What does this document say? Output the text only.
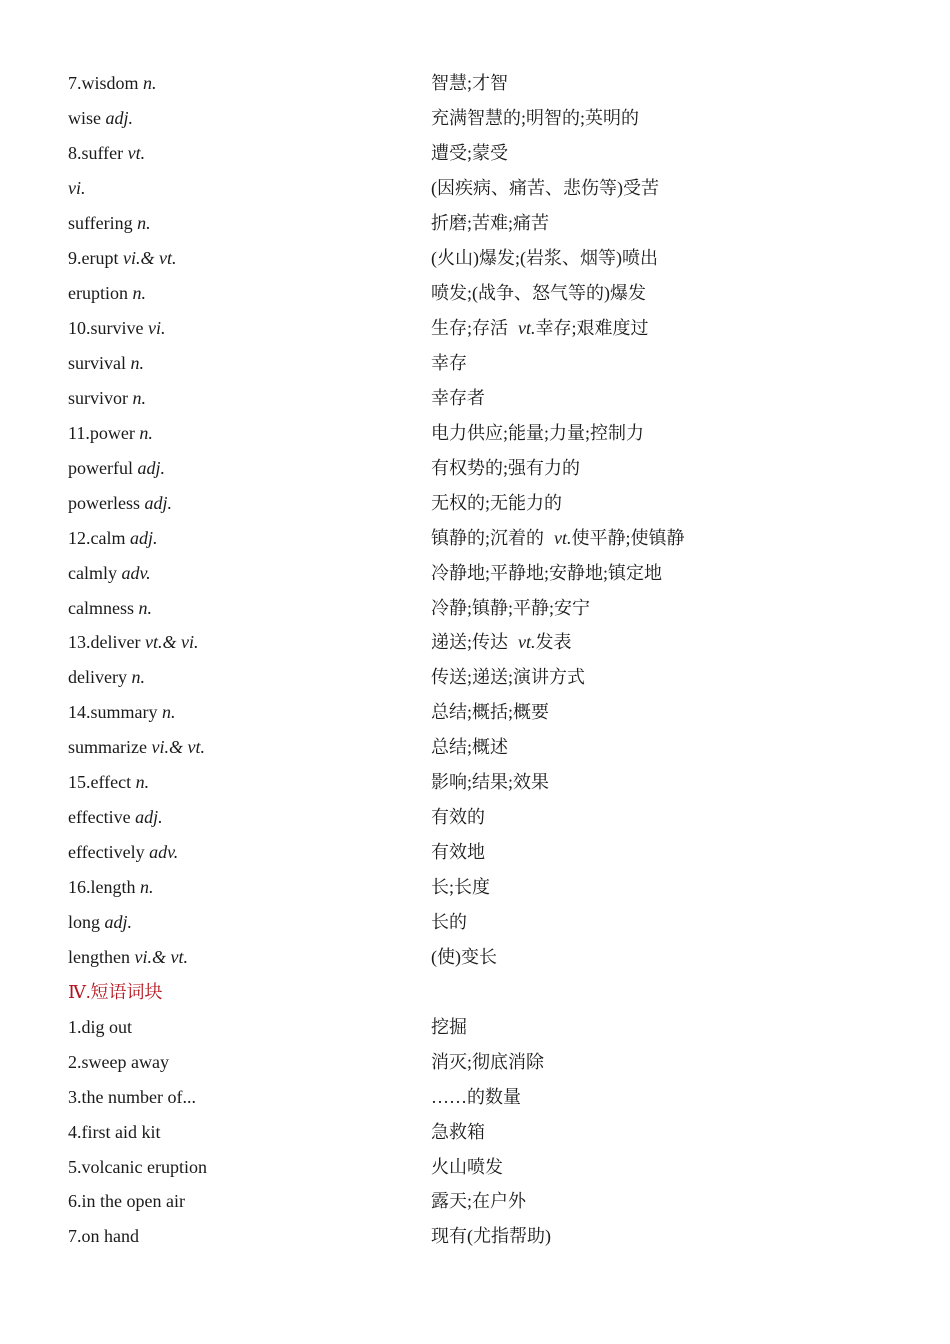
7.wisdom n.	智慧;才智
wise adj.	充满智慧的;明智的;英明的
8.suffer vt.	遭受;蒙受
vi.	(因疾病、痛苦、悲伤等)受苦
suffering n.	折磨;苦难;痛苦
9.erupt vi.& vt.	(火山)爆发;(岩浆、烟等)喷出
eruption n.	喷发;(战争、怒气等的)爆发
10.survive vi.	生存;存活 vt.幸存;艰难度过
survival n.	幸存
survivor n.	幸存者
11.power n.	电力供应;能量;力量;控制力
powerful adj.	有权势的;强有力的
powerless adj.	无权的;无能力的
12.calm adj.	镇静的;沉着的 vt.使平静;使镇静
calmly adv.	冷静地;平静地;安静地;镇定地
calmness n.	冷静;镇静;平静;安宁
13.deliver vt.& vi.	递送;传达 vt.发表
delivery n.	传送;递送;演讲方式
14.summary n.	总结;概括;概要
summarize vi.& vt.	总结;概述
15.effect n.	影响;结果;效果
effective adj.	有效的
effectively adv.	有效地
16.length n.	长;长度
long adj.	长的
lengthen vi.& vt.	(使)变长
Ⅳ. 短语词块
1.dig out	挖掘
2.sweep away	消灭;彻底消除
3.the number of...	……的数量
4.first aid kit	急救箱
5.volcanic eruption	火山喷发
6.in the open air	露天;在户外
7.on hand	现有(尤指帮助)
